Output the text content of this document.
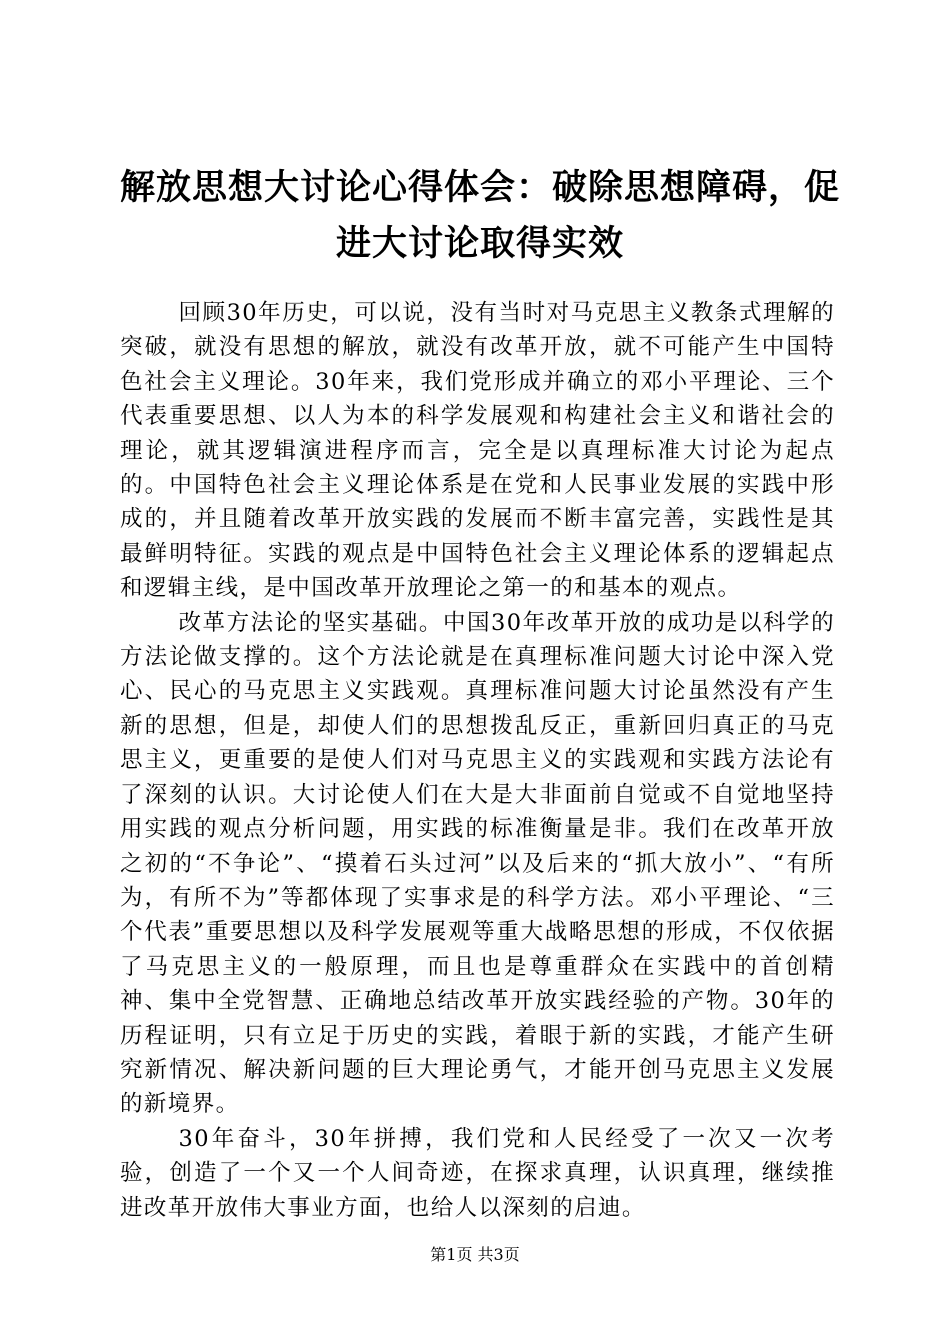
解放思想大讨论心得体会：破除思想障碍，促进大讨论取得实效

回顾30年历史，可以说，没有当时对马克思主义教条式理解的突破，就没有思想的解放，就没有改革开放，就不可能产生中国特色社会主义理论。30年来，我们党形成并确立的邓小平理论、三个代表重要思想、以人为本的科学发展观和构建社会主义和谐社会的理论，就其逻辑演进程序而言，完全是以真理标准大讨论为起点的。中国特色社会主义理论体系是在党和人民事业发展的实践中形成的，并且随着改革开放实践的发展而不断丰富完善，实践性是其最鲜明特征。实践的观点是中国特色社会主义理论体系的逻辑起点和逻辑主线，是中国改革开放理论之第一的和基本的观点。

改革方法论的坚实基础。中国30年改革开放的成功是以科学的方法论做支撑的。这个方法论就是在真理标准问题大讨论中深入党心、民心的马克思主义实践观。真理标准问题大讨论虽然没有产生新的思想，但是，却使人们的思想拨乱反正，重新回归真正的马克思主义，更重要的是使人们对马克思主义的实践观和实践方法论有了深刻的认识。大讨论使人们在大是大非面前自觉或不自觉地坚持用实践的观点分析问题，用实践的标准衡量是非。我们在改革开放之初的“不争论”、“摸着石头过河”以及后来的“抓大放小”、“有所为，有所不为”等都体现了实事求是的科学方法。邓小平理论、“三个代表”重要思想以及科学发展观等重大战略思想的形成，不仅依据了马克思主义的一般原理，而且也是尊重群众在实践中的首创精神、集中全党智慧、正确地总结改革开放实践经验的产物。30年的历程证明，只有立足于历史的实践，着眼于新的实践，才能产生研究新情况、解决新问题的巨大理论勇气，才能开创马克思主义发展的新境界。

30年奋斗，30年拼搏，我们党和人民经受了一次又一次考验，创造了一个又一个人间奇迹，在探求真理，认识真理，继续推进改革开放伟大事业方面，也给人以深刻的启迪。

第1页 共3页
